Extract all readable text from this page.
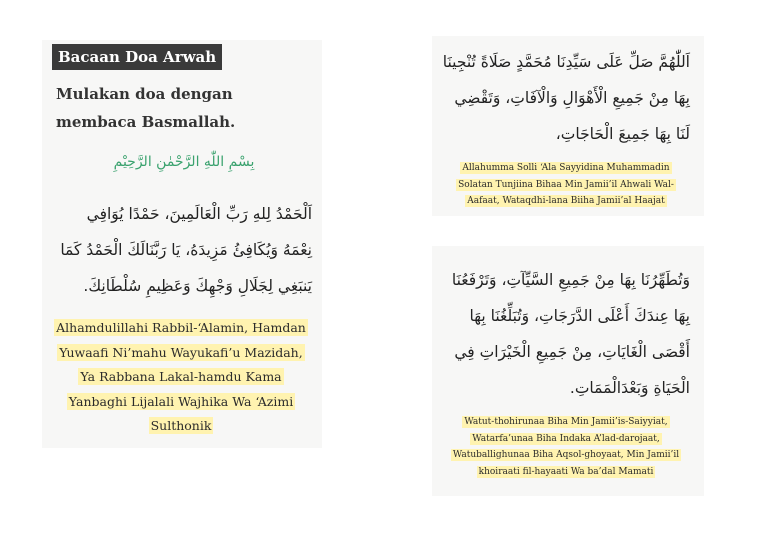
Bacaan Doa Arwah
Mulakan doa dengan membaca Basmallah.
بِسْمِ اللّٰهِ الرَّحْمٰنِ الرَّحِيْمِ
اَلْحَمْدُ لِلهِ رَبِّ الْعَالَمِينَ، حَمْدًا يُوَافِي نِعْمَهُ وَيُكَافِئُ مَزِيدَهُ، يَا رَبَّنَالَكَ الْحَمْدُ كَمَا يَنبَغِي لِجَلَالِ وَجْهِكَ وَعَظِيمِ سُلْطَانِكَ.
Alhamdulillahi Rabbil-‘Alamin, Hamdan Yuwaafi Ni’mahu Wayukafi’u Mazidah, Ya Rabbana Lakal-hamdu Kama Yanbaghi Lijalali Wajhika Wa ‘Azimi Sulthonik
اَللّٰهُمَّ صَلِّ عَلَى سَيِّدِنَا مُحَمَّدٍ صَلَاةً تُنْجِينَا بِهَا مِنْ جَمِيعِ الْأَهْوَالِ وَالْآفَاتِ، وَتَقْضِي لَنَا بِهَا جَمِيعَ الْحَاجَاتِ،
Allahumma Solli ‘Ala Sayyidina Muhammadin Solatan Tunjiina Bihaa Min Jamii’il Ahwali Wal-Aafaat, Wataqdhi-lana Biiha Jamii’al Haajat
وَتُطَهِّرُنَا بِهَا مِنْ جَمِيعِ السَّيِّآتِ، وَتَرْفَعُنَا بِهَا عِندَكَ أَعْلَى الدَّرَجَاتِ، وَتُبَلِّغُنَا بِهَا أَقْصَى الْغَايَاتِ، مِنْ جَمِيعِ الْخَيْرَاتِ فِي الْحَيَاةِ وَبَعْدَالْمَمَاتِ.
Watut-thohirunaa Biha Min Jamii’is-Saiyyiat, Watarfa’unaa Biha Indaka A’lad-darojaat, Watuballighunaa Biha Aqsol-ghoyaat, Min Jamii’il khoiraati fil-hayaati Wa ba’dal Mamati
